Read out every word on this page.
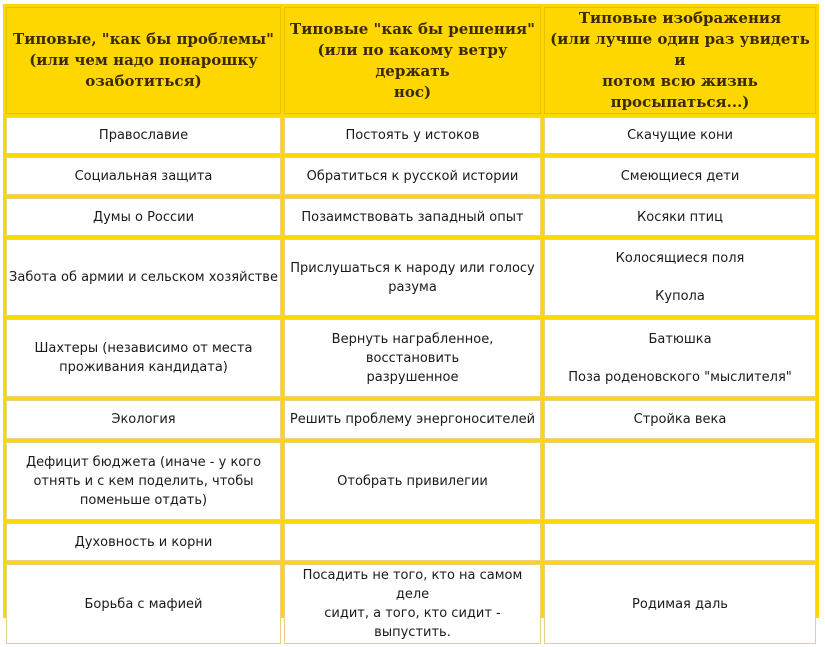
Типовые, "как бы проблемы"
(или чем надо понарошку
озаботиться)	Типовые "как бы решения"
(или по какому ветру держать
нос)	Типовые изображения
(или лучше один раз увидеть и
потом всю жизнь
просыпаться...)

Православие	Постоять у истоков	Скачущие кони

Социальная защита	Обратиться к русской истории	Смеющиеся дети

Думы о России	Позаимствовать западный опыт	Косяки птиц

Забота об армии и сельском хозяйстве	Прислушаться к народу или голосу
разума	Колосящиеся поля
Купола

Шахтеры (независимо от места
проживания кандидата)	Вернуть награбленное, восстановить
разрушенное	Батюшка
Поза роденовского "мыслителя"

Экология	Решить проблему энергоносителей	Стройка века

Дефицит бюджета (иначе - у кого
отнять и с кем поделить, чтобы
поменьше отдать)	Отобрать привилегии	

Духовность и корни		

Борьба с мафией	Посадить не того, кто на самом деле
сидит, а того, кто сидит -
выпустить.	Родимая даль
